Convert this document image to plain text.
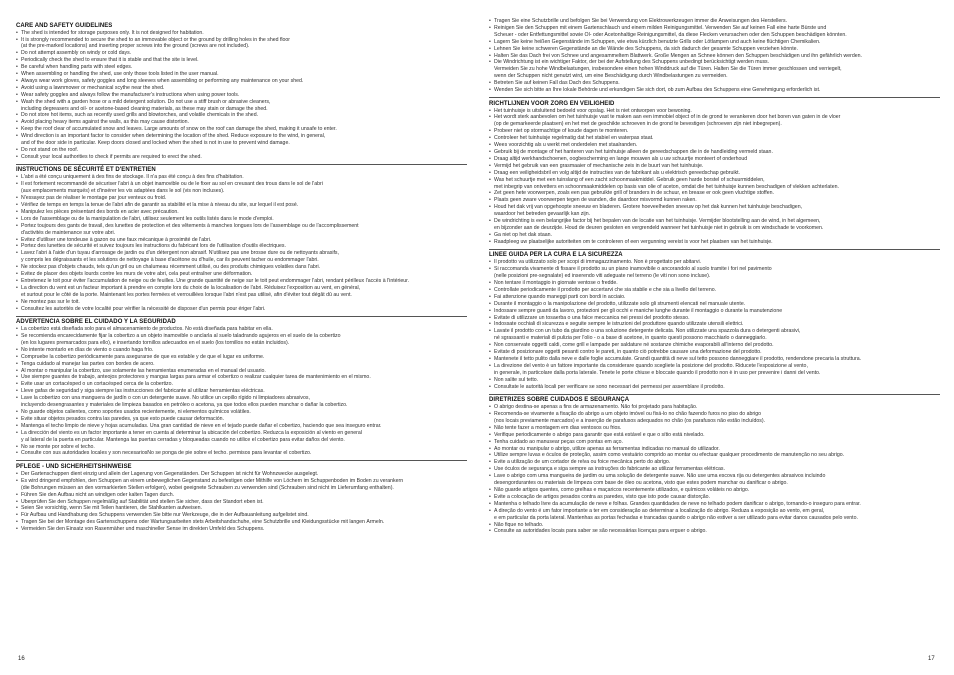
CARE AND SAFETY GUIDELINES
• The shed is intended for storage purposes only. It is not designed for habitation.
• It is strongly recommended to secure the shed to an immovable object or the ground by drilling holes in the shed floor
(at the pre-marked locations) and inserting proper screws into the ground (screws are not included).
• Do not attempt assembly on windy or cold days.
• Periodically check the shed to ensure that it is stable and that the site is level.
• Be careful when handling parts with steel edges.
• When assembling or handling the shed, use only those tools listed in the user manual.
• Always wear work gloves, safety goggles and long sleeves when assembling or performing any maintenance on your shed.
• Avoid using a lawnmower or mechanical scythe near the shed.
• Wear safety goggles and always follow the manufacturer's instructions when using power tools.
• Wash the shed with a garden hose or a mild detergent solution. Do not use a stiff brush or abrasive cleaners,
including degreasers and oil- or acetone-based cleaning materials, as these may stain or damage the shed.
• Do not store hot items, such as recently used grills and blowtorches, and volatile chemicals in the shed.
• Avoid placing heavy items against the walls, as this may cause distortion.
• Keep the roof clear of accumulated snow and leaves. Large amounts of snow on the roof can damage the shed, making it unsafe to enter.
• Wind direction is an important factor to consider when determining the location of the shed. Reduce exposure to the wind, in general,
and of the door side in particular. Keep doors closed and locked when the shed is not in use to prevent wind damage.
• Do not stand on the roof.
• Consult your local authorities to check if permits are required to erect the shed.
INSTRUCTIONS DE SÉCURITÉ ET D'ENTRETIEN
• L'abri a été conçu uniquement à des fins de stockage. Il n'a pas été conçu à des fins d'habitation.
• Il est fortement recommandé de sécuriser l'abri à un objet inamovible ou de le fixer au sol en creusant des trous dans le sol de l'abri
(aux emplacements marqués) et d'insérer les vis adaptées dans le sol (vis non incluses).
• N'essayez pas de réaliser le montage par jour venteux ou froid.
• Vérifiez de temps en temps la tenue de l'abri afin de garantir sa stabilité et la mise à niveau du site, sur lequel il est posé.
• Manipulez les pièces présentant des bords en acier avec précaution.
• Lors de l'assemblage ou de la manipulation de l'abri, utilisez seulement les outils listés dans le mode d'emploi.
• Portez toujours des gants de travail, des lunettes de protection et des vêtements à manches longues lors de l'assemblage ou de l'accomplissement
d'activités de maintenance sur votre abri.
• Évitez d'utiliser une tondeuse à gazon ou une faux mécanique à proximité de l'abri.
• Portez des lunettes de sécurité et suivez toujours les instructions du fabricant lors de l'utilisation d'outils électriques.
• Lavez l'abri à l'aide d'un tuyau d'arrosage de jardin ou d'un détergent non abrasif. N'utilisez pas une brosse dure ou de nettoyants abrasifs,
y compris les dégraissants et les solutions de nettoyage à base d'acétone ou d'huile, car ils peuvent tacher ou endommager l'abri.
• Ne stockez pas d'objets chauds, tels qu'un gril ou un chalumeau récemment utilisé, ou des produits chimiques volatiles dans l'abri.
• Évitez de placer des objets lourds contre les murs de votre abri, cela peut entraîner une déformation.
• Entretenez le toit pour éviter l'accumulation de neige ou de feuilles. Une grande quantité de neige sur le toit peut endommager l'abri, rendant périlleux l'accès à l'intérieur.
• La direction du vent est un facteur important à prendre en compte lors du choix de la localisation de l'abri. Réduisez l'exposition au vent, en général,
et surtout pour le côté de la porte. Maintenant les portes fermées et verrouillées lorsque l'abri n'est pas utilisé, afin d'éviter tout dégât dû au vent.
• Ne montez pas sur le toit.
• Consultez les autorités de votre localité pour vérifier la nécessité de disposer d'un permis pour ériger l'abri.
ADVERTENCIA SOBRE EL CUIDADO Y LA SEGURIDAD
• La cobertizo está diseñada solo para el almacenamiento de productos. No está diseñada para habitar en ella.
• Se recomienda encarecidamente fijar la cobertizo a un objeto inamovible o anclarla al suelo taladrando agujeros en el suelo de la cobertizo
(en los lugares premarcados para ello), e insertando tornillos adecuados en el suelo (los tornillos no están incluidos).
• No intente montarlo en días de viento o cuando haga frío.
• Compruebe la cobertizo periódicamente para asegurarse de que es estable y de que el lugar es uniforme.
• Tenga cuidado al manejar las partes con bordes de acero.
• Al montar o manipular la cobertizo, use solamente las herramientas enumeradas en el manual del usuario.
• Use siempre guantes de trabajo, anteojos protectores y mangas largas para armar el cobertizo o realizar cualquier tarea de mantenimiento en el mismo.
• Evite usar un cortacésped o un cortacésped cerca de la cobertizo.
• Lleve gafas de seguridad y siga siempre las instrucciones del fabricante al utilizar herramientas eléctricas.
• Lave la cobertizo con una manguera de jardín o con un detergente suave. No utilice un cepillo rígido ni limpiadores abrasivos,
incluyendo desengrasantes y materiales de limpieza basados en petróleo o acetona, ya que todos ellos pueden manchar o dañar la cobertizo.
• No guarde objetos calientes, como soportes usados recientemente, ni elementos químicos volátiles.
• Evite situar objetos pesados contra las paredes, ya que esto puede causar deformación.
• Mantenga el techo limpio de nieve y hojas acumuladas. Una gran cantidad de nieve en el tejado puede dañar el cobertizo, haciendo que sea inseguro entrar.
• La dirección del viento es un factor importante a tener en cuenta al determinar la ubicación del cobertizo. Reduzca la exposición al viento en general
y al lateral de la puerta en particular. Mantenga las puertas cerradas y bloqueadas cuando no utilice el cobertizo para evitar daños del viento.
• No se monte por sobre el techo.
• Consulte con sus autoridades locales y son necesariosNo se ponga de pie sobre el techo. permisos para levantar el cobertizo.
PFLEGE - UND SICHERHEITSHINWEISE
• Der Gartenschuppen dient einzig und allein der Lagerung von Gegenständen. Der Schuppen ist nicht für Wohnzwecke ausgelegt.
• Es wird dringend empfohlen, den Schuppen an einem unbeweglichen Gegenstand zu befestigen oder Mithilfe von Löchern im Schuppenboden im Boden zu verankern
(die Bohrungen müssen an den vormarkierten Stellen erfolgen), wobei geeignete Schrauben zu verwenden sind (Schrauben sind nicht im Lieferumfang enthalten).
• Führen Sie den Aufbau nicht an windigen oder kalten Tagen durch.
• Überprüfen Sie den Schuppen regelmäßig auf Stabilität und stellen Sie sicher, dass der Standort eben ist.
• Seien Sie vorsichtig, wenn Sie mit Teilen hantieren, die Stahlkanten aufweisen.
• Für Aufbau und Handhabung des Schuppens verwenden Sie bitte nur Werkzeuge, die in der Aufbauanleitung aufgelistet sind.
• Tragen Sie bei der Montage des Gartenschuppens oder Wartungsarbeiten stets Arbeitshandschuhe, eine Schutzbrille und Kleidungsstücke mit langen Ärmeln.
• Vermeiden Sie den Einsatz von Rasenmäher und maschineller Sense im direkten Umfeld des Schuppens.
• Tragen Sie eine Schutzbrille und befolgen Sie bei Verwendung von Elektrowerkzeugen immer die Anweisungen des Herstellers.
• Reinigen Sie den Schuppen mit einem Gartenschlauch und einem milden Reinigungsmittel. Verwenden Sie auf keinen Fall eine harte Bürste und
Scheuer - oder Entfettungsmittel sowie Öl- oder Acetonhaltige Reinigungsmittel, da diese Flecken verursachen oder den Schuppen beschädigen könnten.
• Lagern Sie keine heißen Gegenstände im Schuppen, wie etwa kürzlich benutzte Grills oder Lötlampen und auch keine flüchtigen Chemikalien.
• Lehnen Sie keine schweren Gegenstände an die Wände des Schuppens, da sich dadurch der gesamte Schuppen verziehen könnte.
• Halten Sie das Dach frei von Schnee und angesammeltem Blattwerk. Große Mengen an Schnee können den Schuppen beschädigen und ihn gefährlich werden.
• Die Windrichtung ist ein wichtiger Faktor, der bei der Aufstellung des Schuppens unbedingt berücksichtigt werden muss.
Vermeiden Sie zu hohe Windbelastungen, insbesondere einen hohen Winddruck auf die Türen. Halten Sie die Türen immer geschlossen und verriegelt,
wenn der Schuppen nicht genutzt wird, um eine Beschädigung durch Windbelastungen zu vermeiden.
• Betreten Sie auf keinen Fall das Dach des Schuppens.
• Wenden Sie sich bitte an Ihre lokale Behörde und erkundigen Sie sich dort, ob zum Aufbau des Schuppens eine Genehmigung erforderlich ist.
RICHTLIJNEN VOOR ZORG EN VEILIGHEID
• Het tuinhuisje is uitsluitend bedoeld voor opslag. Het is niet ontworpen voor bewoning.
• Het wordt sterk aanbevolen om het tuinhuisje vast te maken aan een immobiel object of in de grond te verankeren door het boren van gaten in de vloer
(op de gemarkeerde plaatsen) en het met de geschikte schroeven in de grond te bevestigen (schroeven zijn niet inbegrepen).
• Probeer niet op stormachtige of koude dagen te monteren.
• Controleer het tuinhuisje regelmatig dat het stabiel en waterpas staat.
• Wees voorzichtig als u werkt met onderdelen met staalranden.
• Gebruik bij de montage of het hanteren van het tuinhuisje alleen de gereedschappen die in de handleiding vermeld staan.
• Draag altijd werkhandschoenen, oogbescherming en lange mouwen als u uw schuurtje monteert of onderhoud
• Vermijd het gebruik van een grasmaaier of mechanische zeis in de buurt van het tuinhuisje.
• Draag een veiligheidsbril en volg altijd de instructies van de fabrikant als u elektrisch gereedschap gebruikt.
• Was het schuurtje met een tuinslang of een zacht schoonmaakmiddel. Gebruik geen harde borstel of schuurmiddelen,
met inbegrip van ontvetters en schoonmaakmiddelen op basis van olie of aceton, omdat die het tuinhuisje kunnen beschadigen of vlekken achterlaten.
• Zet geen hete voorwerpen, zoals een pas gebruikte grill of branders in de schuur, en brease er ook geen vluchtige stoffen.
• Plaats geen zware voorwerpen tegen de wanden, die daardoor misvormd kunnen raken.
• Houd het dak vrij van opgehoopte sneeuw en bladeren. Grotere hoeveelheden sneeuw op het dak kunnen het tuinhuisje beschadigen,
waardoor het betreden gevaarlijk kan zijn.
• De windrichting is een belangrijke factor bij het bepalen van de locatie van het tuinhuisje. Vermijder blootstelling aan de wind, in het algemeen,
en bijzonder aan de deurzijde. Houd de deuren gesloten en vergrendeld wanneer het tuinhuisje niet in gebruik is om windschade te voorkomen.
• Ga niet op het dak staan.
• Raadpleeg uw plaatselijke autoriteiten om te controleren of een vergunning vereist is voor het plaatsen van het tuinhuisje.
LINEE GUIDA PER LA CURA E LA SICUREZZA
• Il prodotto va utilizzato solo per scopi di immagazzinamento. Non è progettato per abitarvi.
• Si raccomanda vivamente di fissare il prodotto su un piano inamovibile o ancorandolo al suolo tramite i fori nel pavimento
(nelle posizioni pre-segnalate) ed inserendo viti adeguate nel terreno (le viti non sono incluse).
• Non tentare il montaggio in giornate ventose o fredde.
• Controllate periodicamente il prodotto per accertarvi che sia stabile e che sia a livello del terreno.
• Fai attenzione quando maneggi parti con bordi in acciaio.
• Durante il montaggio o la manipolazione del prodotto, utilizzate solo gli strumenti elencati nel manuale utente.
• Indossare sempre guanti da lavoro, protezioni per gli occhi e maniche lunghe durante il montaggio o durante la manutenzione
• Evitate di utilizzare un tosaerba o una falce meccanica nei pressi del prodotto stesso.
• Indossate occhiali di sicurezza e seguite sempre le istruzioni del produttore quando utilizzate utensili elettrici.
• Lavate il prodotto con un tubo da giardino o una soluzione detergente delicata. Non utilizzate una spazzola dura o detergenti abrasivi,
né sgrassanti e materiali di pulizia per l'olio - o a base di acetone, in quanto questi possono macchiarlo o danneggiarlo.
• Non conservate oggetti caldi, come grill e lampade per saldature né sostanze chimiche evaporabili all'interno del prodotto.
• Evitate di posizionare oggetti pesanti contro le pareti, in quanto ciò potrebbe causare una deformazione del prodotto.
• Mantenete il tetto pulito dalla neve e dalle foglie accumulate. Grandi quantità di neve sul tetto possono danneggiare il prodotto, rendendone precaria la struttura.
• La direzione del vento è un fattore importante da considerare quando scegliete la posizione del prodotto. Riducete l'esposizione al vento,
in generale, in particolare dalla porta laterale. Tenete le porte chiuse e bloccate quando il prodotto non è in uso per prevenire i danni del vento.
• Non salite sul tetto.
• Consultate le autorità locali per verificare se sono necessari dei permessi per assemblare il prodotto.
DIRETRIZES SOBRE CUIDADOS E SEGURANÇA
• O abrigo destina-se apenas a fins de armazenamento. Não foi projetado para habitação.
• Recomenda-se vivamente a fixação do abrigo a um objeto imóvel ou fixá-lo no chão fazendo furos no piso do abrigo
(nos locais previamente marcados) e a inserção de parafusos adequados no chão (os parafusos não estão incluídos).
• Não tente fazer a montagem em dias ventosos ou frios.
• Verifique periodicamente o abrigo para garantir que está estável e que o sítio está nivelado.
• Tenha cuidado ao manusear peças com pontas em aço.
• Ao montar ou manipular o abrigo, utilize apenas as ferramentas indicadas no manual do utilizador.
• Utilize sempre luvas e óculos de proteção, assim como vestuário comprido ao montar ou efectuar qualquer procedimento de manutenção no seu abrigo.
• Evite a utilização de um cortador de relva ou foice mecânica perto do abrigo.
• Use óculos de segurança e siga sempre as instruções do fabricante ao utilizar ferramentas elétricas.
• Lave o abrigo com uma mangueira de jardim ou uma solução de detergente suave. Não use uma escova rija ou detergentes abrasivos incluindo
desengordurantes ou materiais de limpeza com base de óleo ou acetona, visto que estes podem manchar ou danificar o abrigo.
• Não guarde artigos quentes, como grelhas e maçaricos recentemente utilizados, e químicos voláteis no abrigo.
• Evite a colocação de artigos pesados contra as paredes, visto que isto pode causar distorção.
• Mantenha o telhado livre da acumulação de neve e folhas. Grandes quantidades de neve no telhado podem danificar o abrigo, tornando-o inseguro para entrar.
• A direção do vento é um fator importante a ter em consideração ao determinar a localização do abrigo. Reduza a exposição ao vento, em geral,
e em particular da porta lateral. Mantenhas as portas fechadas e trancadas quando o abrigo não estiver a ser utilizado para evitar danos causados pelo vento.
• Não fique no telhado.
• Consulte as autoridades locais para saber se são necessárias licenças para erguer o abrigo.
16	17
